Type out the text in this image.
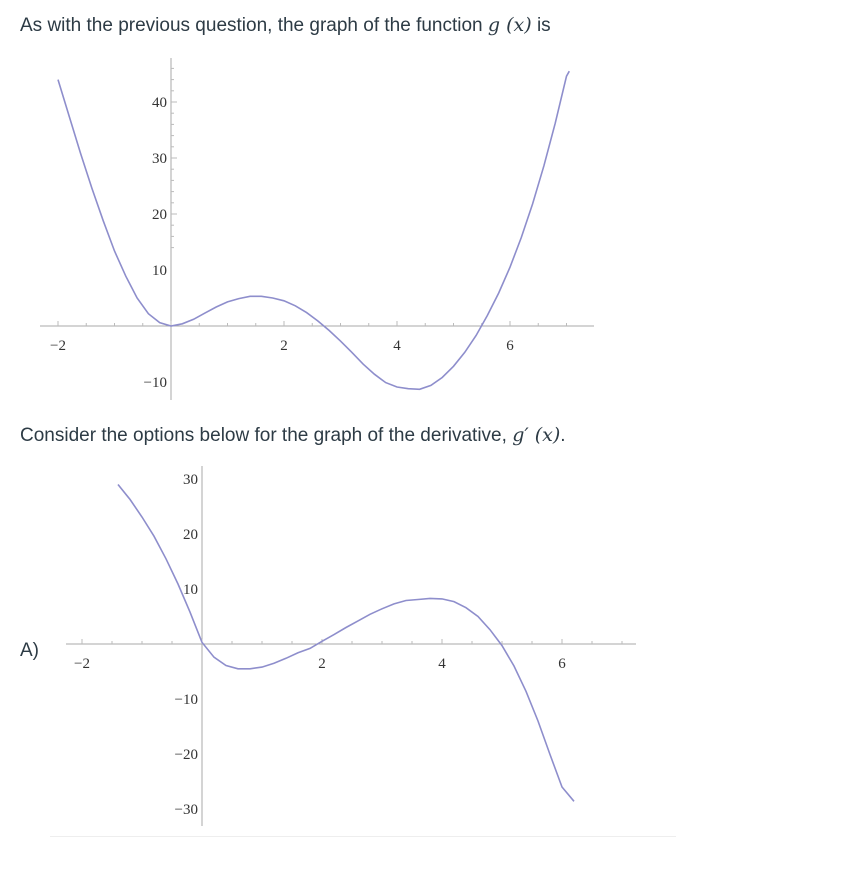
As with the previous question, the graph of the function g (x) is
−2	2	4	6
−10
10
20
30
40
Consider the options below for the graph of the derivative, g′ (x).
A)
−2	2	4	6
−30
−20
−10
10
20
30
